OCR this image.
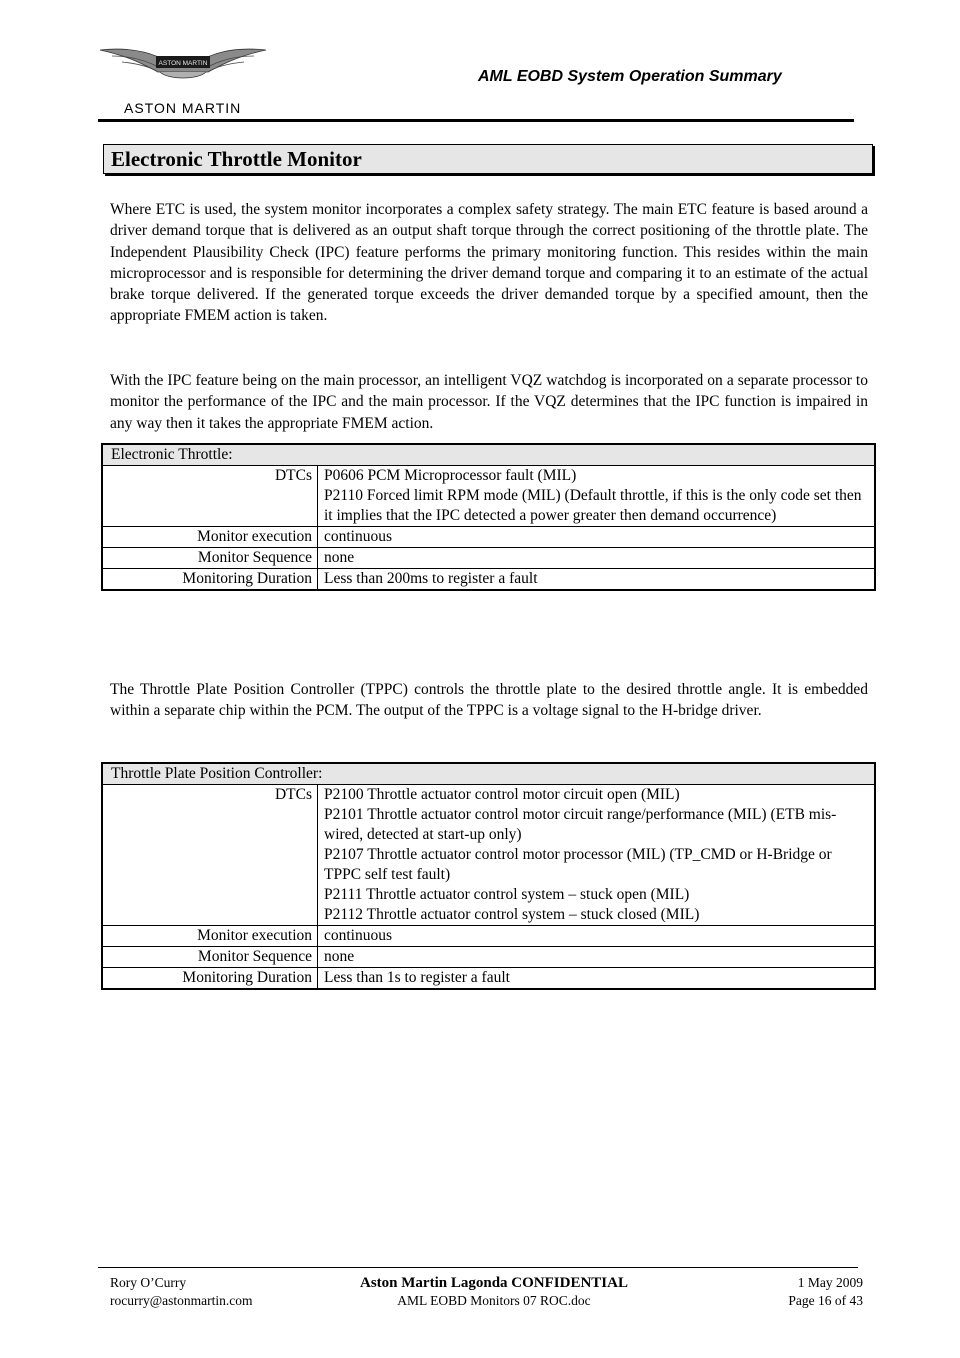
ASTON MARTIN
ASTON MARTIN
AML EOBD System Operation Summary
Electronic Throttle Monitor

Where ETC is used, the system monitor incorporates a complex safety strategy. The main ETC feature is based around a driver demand torque that is delivered as an output shaft torque through the correct positioning of the throttle plate. The Independent Plausibility Check (IPC) feature performs the primary monitoring function. This resides within the main microprocessor and is responsible for determining the driver demand torque and comparing it to an estimate of the actual brake torque delivered. If the generated torque exceeds the driver demanded torque by a specified amount, then the appropriate FMEM action is taken.

With the IPC feature being on the main processor, an intelligent VQZ watchdog is incorporated on a separate processor to monitor the performance of the IPC and the main processor. If the VQZ determines that the IPC function is impaired in any way then it takes the appropriate FMEM action.

Electronic Throttle:	
DTCs	P0606 PCM Microprocessor fault (MIL)
P2110 Forced limit RPM mode (MIL) (Default throttle, if this is the only code set then it implies that the IPC detected a power greater then demand occurrence)

Monitor execution	continuous
Monitor Sequence	none
Monitoring Duration	Less than 200ms to register a fault

The Throttle Plate Position Controller (TPPC) controls the throttle plate to the desired throttle angle. It is embedded within a separate chip within the PCM. The output of the TPPC is a voltage signal to the H-bridge driver.

Throttle Plate Position Controller:	
DTCs	P2100 Throttle actuator control motor circuit open (MIL)
P2101 Throttle actuator control motor circuit range/performance (MIL) (ETB mis-wired, detected at start-up only)
P2107 Throttle actuator control motor processor (MIL) (TP_CMD or H-Bridge or TPPC self test fault)
P2111 Throttle actuator control system – stuck open (MIL)
P2112 Throttle actuator control system – stuck closed (MIL)

Monitor execution	continuous
Monitor Sequence	none
Monitoring Duration	Less than 1s to register a fault
Rory O’Curry
rocurry@astonmartin.com
Aston Martin Lagonda CONFIDENTIAL
AML EOBD Monitors 07 ROC.doc
1 May 2009
Page 16 of 43
